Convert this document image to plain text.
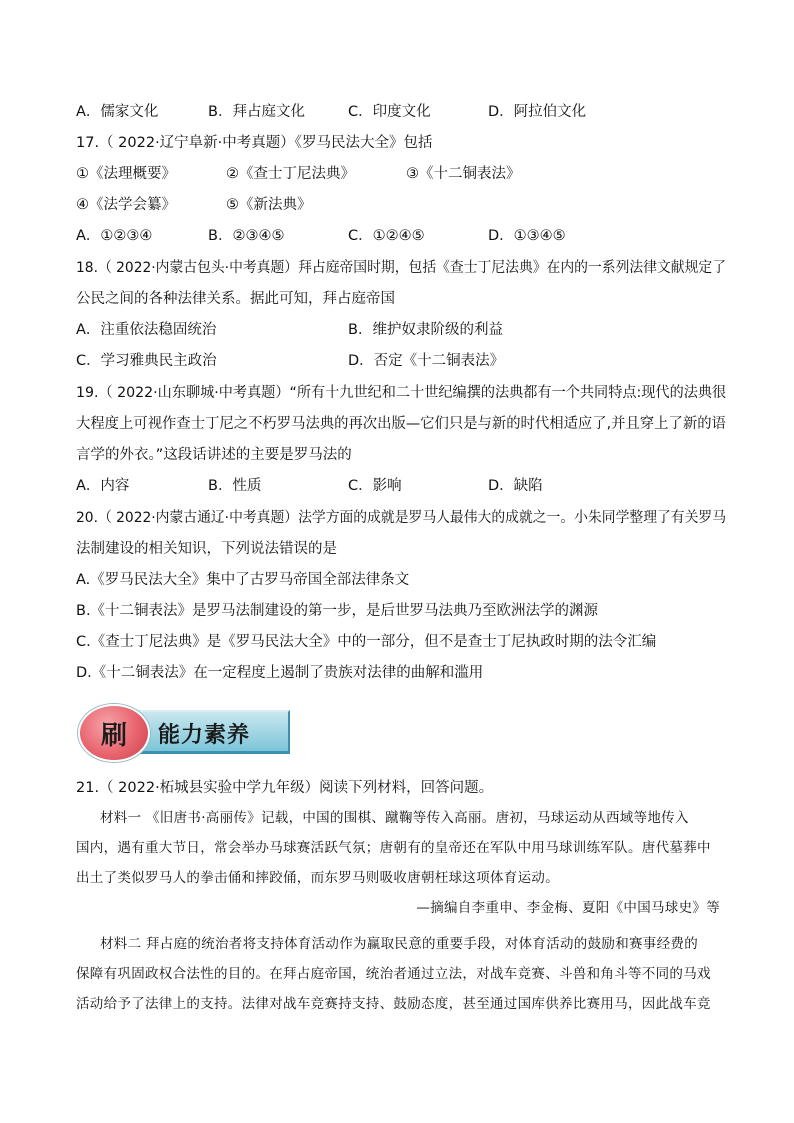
A．儒家文化	B．拜占庭文化	C．印度文化	D．阿拉伯文化
17.（ 2022·辽宁阜新·中考真题）《罗马民法大全》包括
①《法理概要》	②《查士丁尼法典》	③《十二铜表法》
④《法学会纂》	⑤《新法典》
A．①②③④	B．②③④⑤	C．①②④⑤	D．①③④⑤
18.（ 2022·内蒙古包头·中考真题）拜占庭帝国时期，包括《查士丁尼法典》在内的一系列法律文献规定了
公民之间的各种法律关系。据此可知，拜占庭帝国
A．注重依法稳固统治	B．维护奴隶阶级的利益
C．学习雅典民主政治	D．否定《十二铜表法》
19.（ 2022·山东聊城·中考真题）“所有十九世纪和二十世纪编撰的法典都有一个共同特点:现代的法典很
大程度上可视作查士丁尼之不朽罗马法典的再次出版—它们只是与新的时代相适应了,并且穿上了新的语
言学的外衣。”这段话讲述的主要是罗马法的
A．内容	B．性质	C．影响	D．缺陷
20.（ 2022·内蒙古通辽·中考真题）法学方面的成就是罗马人最伟大的成就之一。小朱同学整理了有关罗马
法制建设的相关知识，下列说法错误的是
A.《罗马民法大全》集中了古罗马帝国全部法律条文
B.《十二铜表法》是罗马法制建设的第一步，是后世罗马法典乃至欧洲法学的渊源
C.《查士丁尼法典》是《罗马民法大全》中的一部分，但不是查士丁尼执政时期的法令汇编
D.《十二铜表法》在一定程度上遏制了贵族对法律的曲解和滥用
刷 能力素养
21.（ 2022·柘城县实验中学九年级）阅读下列材料，回答问题。
材料一 《旧唐书·高丽传》记载，中国的围棋、蹴鞠等传入高丽。唐初，马球运动从西域等地传入
国内，遇有重大节日，常会举办马球赛活跃气氛；唐朝有的皇帝还在军队中用马球训练军队。唐代墓葬中
出土了类似罗马人的拳击俑和摔跤俑，而东罗马则吸收唐朝枉球这项体育运动。
—摘编自李重申、李金梅、夏阳《中国马球史》等
材料二 拜占庭的统治者将支持体育活动作为赢取民意的重要手段，对体育活动的鼓励和赛事经费的
保障有巩固政权合法性的目的。在拜占庭帝国，统治者通过立法，对战车竞赛、斗兽和角斗等不同的马戏
活动给予了法律上的支持。法律对战车竞赛持支持、鼓励态度，甚至通过国库供养比赛用马，因此战车竞
